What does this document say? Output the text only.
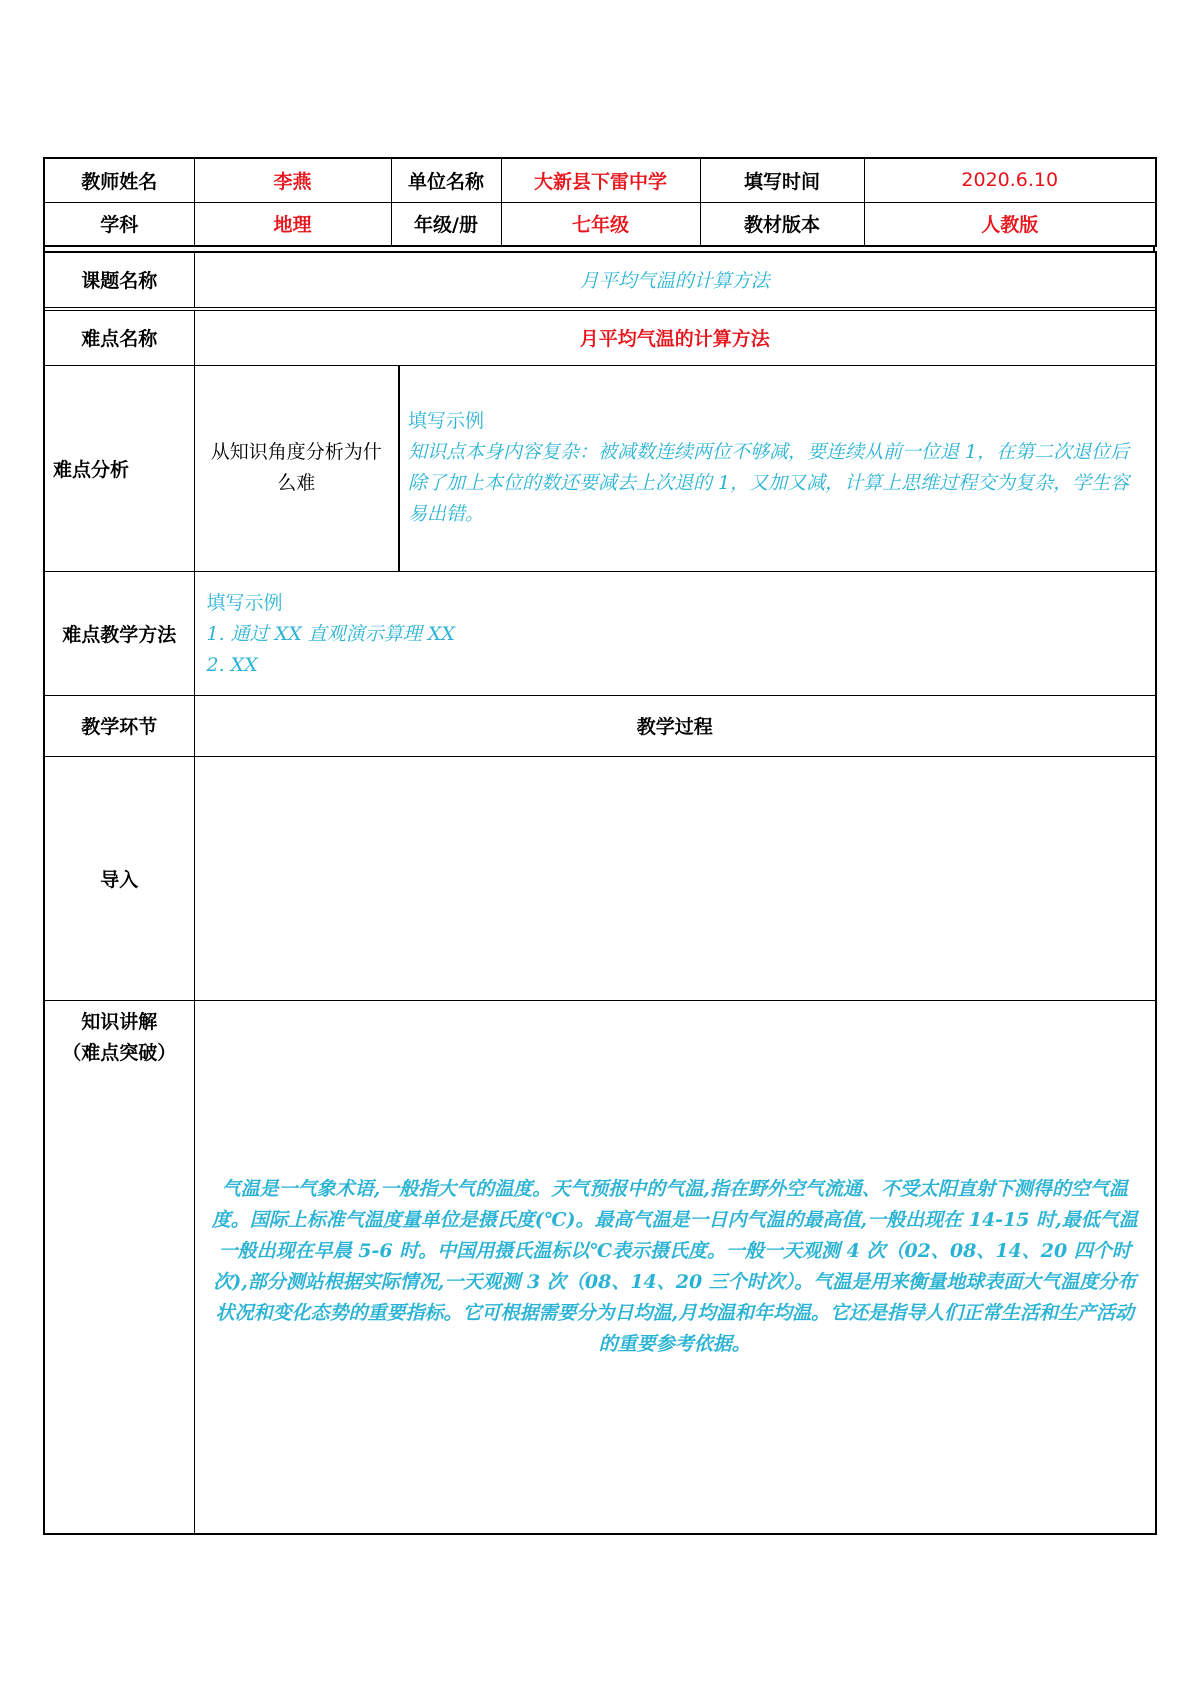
教师姓名	李燕	单位名称	大新县下雷中学	填写时间	2020.6.10
学科	地理	年级/册	七年级	教材版本	人教版
课题名称	月平均气温的计算方法	

难点名称	月平均气温的计算方法	
难点分析	从知识角度分析为什么难	填写示例
知识点本身内容复杂：被减数连续两位不够减，要连续从前一位退 1，在第二次退位后除了加上本位的数还要减去上次退的 1，又加又减，计算上思维过程交为复杂，学生容易出错。
难点教学方法	填写示例
1. 通过 XX 直观演示算理 XX
2. XX	

教学环节	教学过程	
导入		

知识讲解
（难点突破）	气温是一气象术语,一般指大气的温度。天气预报中的气温,指在野外空气流通、不受太阳直射下测得的空气温度。国际上标准气温度量单位是摄氏度(℃)。最高气温是一日内气温的最高值,一般出现在 14-15 时,最低气温一般出现在早晨 5-6 时。中国用摄氏温标以℃表示摄氏度。一般一天观测 4 次（02、08、14、20 四个时次),部分测站根据实际情况,一天观测 3 次（08、14、20 三个时次）。气温是用来衡量地球表面大气温度分布状况和变化态势的重要指标。它可根据需要分为日均温,月均温和年均温。它还是指导人们正常生活和生产活动的重要参考依据。	
